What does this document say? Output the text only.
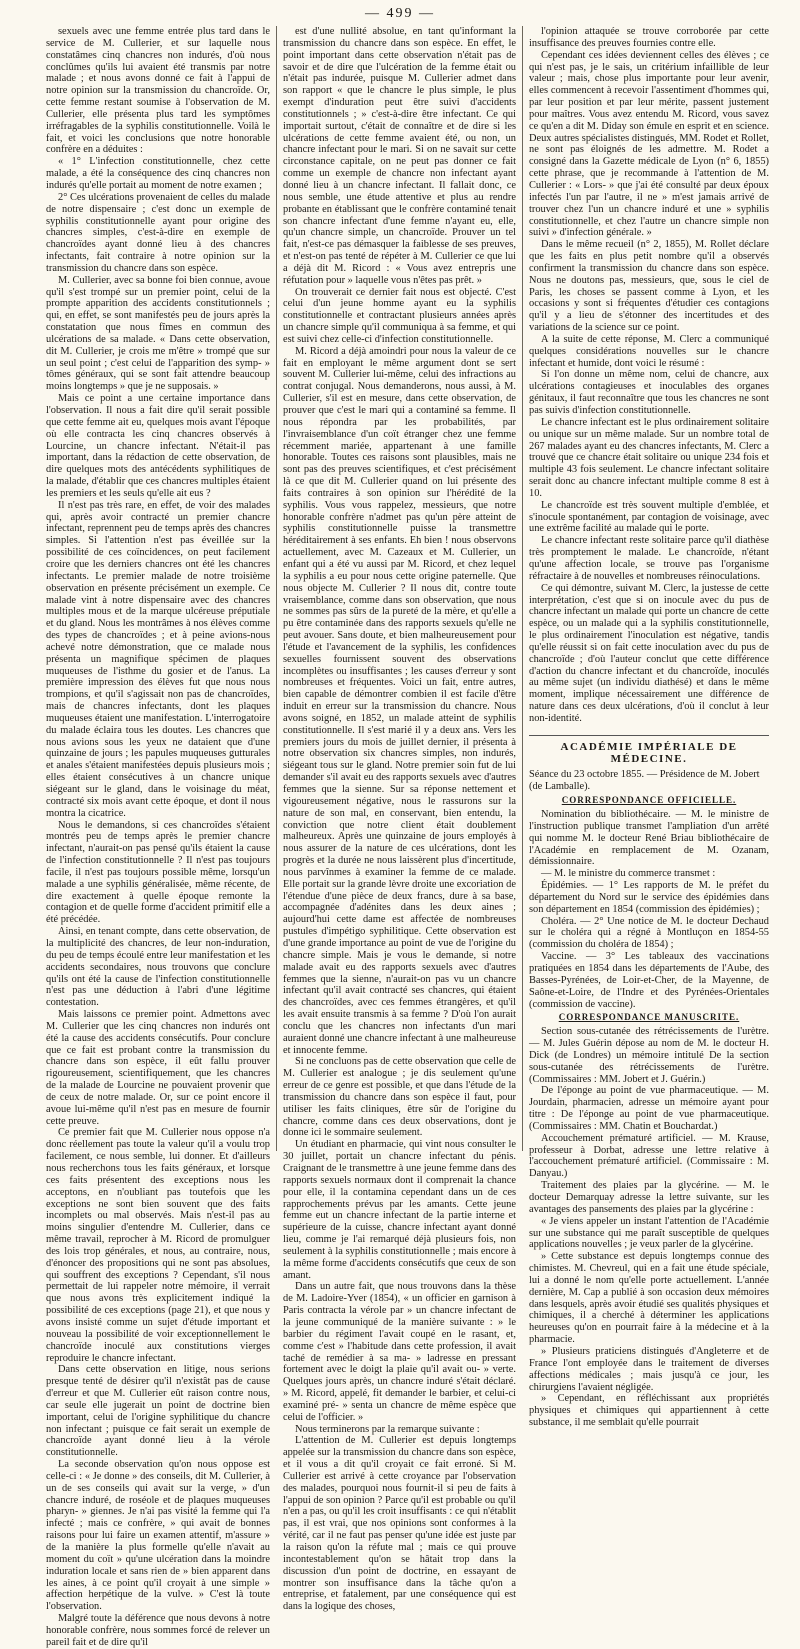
— 499 —

sexuels avec une femme entrée plus tard dans le service de M. Cullerier, et sur laquelle nous constatâmes cinq chancres non indurés, d'où nous conclûmes qu'ils lui avaient été transmis par notre malade ; et nous avons donné ce fait à l'appui de notre opinion sur la transmission du chancroïde. Or, cette femme restant soumise à l'observation de M. Cullerier, elle présenta plus tard les symptômes irréfragables de la syphilis constitutionnelle. Voilà le fait, et voici les conclusions que notre honorable confrère en a déduites :

« 1° L'infection constitutionnelle, chez cette malade, a été la conséquence des cinq chancres non indurés qu'elle portait au moment de notre examen ;

2° Ces ulcérations provenaient de celles du malade de notre dispensaire ; c'est donc un exemple de syphilis constitutionnelle ayant pour origine des chancres simples, c'est-à-dire en exemple de chancroïdes ayant donné lieu à des chancres infectants, fait contraire à notre opinion sur la transmission du chancre dans son espèce.

M. Cullerier, avec sa bonne foi bien connue, avoue qu'il s'est trompé sur un premier point, celui de la prompte apparition des accidents constitutionnels ; qui, en effet, se sont manifestés peu de jours après la constatation que nous fîmes en commun des ulcérations de sa malade. « Dans cette observation, dit M. Cullerier, je crois me m'être » trompé que sur un seul point ; c'est celui de l'apparition des symp- » tômes généraux, qui se sont fait attendre beaucoup moins longtemps » que je ne supposais. »

Mais ce point a une certaine importance dans l'observation. Il nous a fait dire qu'il serait possible que cette femme ait eu, quelques mois avant l'époque où elle contracta les cinq chancres observés à Lourcine, un chancre infectant. N'était-il pas important, dans la rédaction de cette observation, de dire quelques mots des antécédents syphilitiques de la malade, d'établir que ces chancres multiples étaient les premiers et les seuls qu'elle ait eus ?

Il n'est pas très rare, en effet, de voir des malades qui, après avoir contracté un premier chancre infectant, reprennent peu de temps après des chancres simples. Si l'attention n'est pas éveillée sur la possibilité de ces coïncidences, on peut facilement croire que les derniers chancres ont été les chancres infectants. Le premier malade de notre troisième observation en présente précisément un exemple. Ce malade vint à notre dispensaire avec des chancres multiples mous et de la marque ulcéreuse préputiale et du gland. Nous les montrâmes à nos élèves comme des types de chancroïdes ; et à peine avions-nous achevé notre démonstration, que ce malade nous présenta un magnifique spécimen de plaques muqueuses de l'isthme du gosier et de l'anus. La première impression des élèves fut que nous nous trompions, et qu'il s'agissait non pas de chancroïdes, mais de chancres infectants, dont les plaques muqueuses étaient une manifestation. L'interrogatoire du malade éclaira tous les doutes. Les chancres que nous avions sous les yeux ne dataient que d'une quinzaine de jours ; les papules muqueuses gutturales et anales s'étaient manifestées depuis plusieurs mois ; elles étaient consécutives à un chancre unique siégeant sur le gland, dans le voisinage du méat, contracté six mois avant cette époque, et dont il nous montra la cicatrice.

Nous le demandons, si ces chancroïdes s'étaient montrés peu de temps après le premier chancre infectant, n'aurait-on pas pensé qu'ils étaient la cause de l'infection constitutionnelle ? Il n'est pas toujours facile, il n'est pas toujours possible même, lorsqu'un malade a une syphilis généralisée, même récente, de dire exactement à quelle époque remonte la contagion et de quelle forme d'accident primitif elle a été précédée.

Ainsi, en tenant compte, dans cette observation, de la multiplicité des chancres, de leur non-induration, du peu de temps écoulé entre leur manifestation et les accidents secondaires, nous trouvons que conclure qu'ils ont été la cause de l'infection constitutionnelle n'est pas une déduction à l'abri d'une légitime contestation.

Mais laissons ce premier point. Admettons avec M. Cullerier que les cinq chancres non indurés ont été la cause des accidents consécutifs. Pour conclure que ce fait est probant contre la transmission du chancre dans son espèce, il eût fallu prouver rigoureusement, scientifiquement, que les chancres de la malade de Lourcine ne pouvaient provenir que de ceux de notre malade. Or, sur ce point encore il avoue lui-même qu'il n'est pas en mesure de fournir cette preuve.

Ce premier fait que M. Cullerier nous oppose n'a donc réellement pas toute la valeur qu'il a voulu trop facilement, ce nous semble, lui donner. Et d'ailleurs nous recherchons tous les faits généraux, et lorsque ces faits présentent des exceptions nous les acceptons, en n'oubliant pas toutefois que les exceptions ne sont bien souvent que des faits incomplets ou mal observés. Mais n'est-il pas au moins singulier d'entendre M. Cullerier, dans ce même travail, reprocher à M. Ricord de promulguer des lois trop générales, et nous, au contraire, nous, d'énoncer des propositions qui ne sont pas absolues, qui souffrent des exceptions ? Cependant, s'il nous permettait de lui rappeler notre mémoire, il verrait que nous avons très explicitement indiqué la possibilité de ces exceptions (page 21), et que nous y avons insisté comme un sujet d'étude important et nouveau la possibilité de voir exceptionnellement le chancroïde inoculé aux constitutions vierges reproduire le chancre infectant.

Dans cette observation en litige, nous serions presque tenté de désirer qu'il n'existât pas de cause d'erreur et que M. Cullerier eût raison contre nous, car seule elle jugerait un point de doctrine bien important, celui de l'origine syphilitique du chancre non infectant ; puisque ce fait serait un exemple de chancroïde ayant donné lieu à la vérole constitutionnelle.

La seconde observation qu'on nous oppose est celle-ci : « Je donne » des conseils, dit M. Cullerier, à un de ses conseils qui avait sur la verge, » d'un chancre induré, de roséole et de plaques muqueuses pharyn- » giennes. Je n'ai pas visité la femme qui l'a infecté ; mais ce confrère, » qui avait de bonnes raisons pour lui faire un examen attentif, m'assure » de la manière la plus formelle qu'elle n'avait au moment du coït » qu'une ulcération dans la moindre induration locale et sans rien de » bien apparent dans les aines, à ce point qu'il croyait à une simple » affection herpétique de la vulve. » C'est là toute l'observation.

Malgré toute la déférence que nous devons à notre honorable confrère, nous sommes forcé de relever un pareil fait et de dire qu'il

est d'une nullité absolue, en tant qu'informant la transmission du chancre dans son espèce. En effet, le point important dans cette observation n'était pas de savoir et de dire que l'ulcération de la femme était ou n'était pas indurée, puisque M. Cullerier admet dans son rapport « que le chancre le plus simple, le plus exempt d'induration peut être suivi d'accidents constitutionnels ; » c'est-à-dire être infectant. Ce qui importait surtout, c'était de connaître et de dire si les ulcérations de cette femme avaient été, ou non, un chancre infectant pour le mari. Si on ne savait sur cette circonstance capitale, on ne peut pas donner ce fait comme un exemple de chancre non infectant ayant donné lieu à un chancre infectant. Il fallait donc, ce nous semble, une étude attentive et plus au rendre probante en établissant que le confrère contaminé tenait son chancre infectant d'une femme n'ayant eu, elle, qu'un chancre simple, un chancroïde. Prouver un tel fait, n'est-ce pas démasquer la faiblesse de ses preuves, et n'est-on pas tenté de répéter à M. Cullerier ce que lui a déjà dit M. Ricord : « Vous avez entrepris une réfutation pour » laquelle vous n'êtes pas prêt. »

On trouverait ce dernier fait nous est objecté. C'est celui d'un jeune homme ayant eu la syphilis constitutionnelle et contractant plusieurs années après un chancre simple qu'il communiqua à sa femme, et qui est suivi chez celle-ci d'infection constitutionnelle.

M. Ricord a déjà amoindri pour nous la valeur de ce fait en employant le même argument dont se sert souvent M. Cullerier lui-même, celui des infractions au contrat conjugal. Nous demanderons, nous aussi, à M. Cullerier, s'il est en mesure, dans cette observation, de prouver que c'est le mari qui a contaminé sa femme. Il nous répondra par les probabilités, par l'invraisemblance d'un coït étranger chez une femme récemment mariée, appartenant à une famille honorable. Toutes ces raisons sont plausibles, mais ne sont pas des preuves scientifiques, et c'est précisément là ce que dit M. Cullerier quand on lui présente des faits contraires à son opinion sur l'hérédité de la syphilis. Vous vous rappelez, messieurs, que notre honorable confrère n'admet pas qu'un père atteint de syphilis constitutionnelle puisse la transmettre héréditairement à ses enfants. Eh bien ! nous observons actuellement, avec M. Cazeaux et M. Cullerier, un enfant qui a été vu aussi par M. Ricord, et chez lequel la syphilis a eu pour nous cette origine paternelle. Que nous objecte M. Cullerier ? Il nous dit, contre toute vraisemblance, comme dans son observation, que nous ne sommes pas sûrs de la pureté de la mère, et qu'elle a pu être contaminée dans des rapports sexuels qu'elle ne peut avouer. Sans doute, et bien malheureusement pour l'étude et l'avancement de la syphilis, les confidences sexuelles fournissent souvent des observations incomplètes ou insuffisantes ; les causes d'erreur y sont nombreuses et fréquentes. Voici un fait, entre autres, bien capable de démontrer combien il est facile d'être induit en erreur sur la transmission du chancre. Nous avons soigné, en 1852, un malade atteint de syphilis constitutionnelle. Il s'est marié il y a deux ans. Vers les premiers jours du mois de juillet dernier, il présenta à notre observation six chancres simples, non indurés, siégeant tous sur le gland. Notre premier soin fut de lui demander s'il avait eu des rapports sexuels avec d'autres femmes que la sienne. Sur sa réponse nettement et vigoureusement négative, nous le rassurons sur la nature de son mal, en conservant, bien entendu, la conviction que notre client était doublement malheureux. Après une quinzaine de jours employés à nous assurer de la nature de ces ulcérations, dont les progrès et la durée ne nous laissèrent plus d'incertitude, nous parvînmes à examiner la femme de ce malade. Elle portait sur la grande lèvre droite une excoriation de l'étendue d'une pièce de deux francs, dure à sa base, accompagnée d'adénites dans les deux aines ; aujourd'hui cette dame est affectée de nombreuses pustules d'impétigo syphilitique. Cette observation est d'une grande importance au point de vue de l'origine du chancre simple. Mais je vous le demande, si notre malade avait eu des rapports sexuels avec d'autres femmes que la sienne, n'aurait-on pas vu un chancre infectant qu'il avait contracté ses chancres, qui étaient des chancroïdes, avec ces femmes étrangères, et qu'il les avait ensuite transmis à sa femme ? D'où l'on aurait conclu que les chancres non infectants d'un mari auraient donné une chancre infectant à une malheureuse et innocente femme.

Si ne concluons pas de cette observation que celle de M. Cullerier est analogue ; je dis seulement qu'une erreur de ce genre est possible, et que dans l'étude de la transmission du chancre dans son espèce il faut, pour utiliser les faits cliniques, être sûr de l'origine du chancre, comme dans ces deux observations, dont je donne ici le sommaire seulement.

Un étudiant en pharmacie, qui vint nous consulter le 30 juillet, portait un chancre infectant du pénis. Craignant de le transmettre à une jeune femme dans des rapports sexuels normaux dont il comprenait la chance pour elle, il la contamina cependant dans un de ces rapprochements prévus par les amants. Cette jeune femme eut un chancre infectant de la partie interne et supérieure de la cuisse, chancre infectant ayant donné lieu, comme je l'ai remarqué déjà plusieurs fois, non seulement à la syphilis constitutionnelle ; mais encore à la même forme d'accidents consécutifs que ceux de son amant.

Dans un autre fait, que nous trouvons dans la thèse de M. Ladoire-Yver (1854), « un officier en garnison à Paris contracta la vérole par » un chancre infectant de la jeune communiqué de la manière suivante : » le barbier du régiment l'avait coupé en le rasant, et, comme c'est » l'habitude dans cette profession, il avait taché de remédier à sa ma- » ladresse en pressant fortement avec le doigt la plaie qu'il avait ou- » verte. Quelques jours après, un chancre induré s'était déclaré. » M. Ricord, appelé, fit demander le barbier, et celui-ci examiné pré- » senta un chancre de même espèce que celui de l'officier. »

Nous terminerons par la remarque suivante :

L'attention de M. Cullerier est depuis longtemps appelée sur la transmission du chancre dans son espèce, et il vous a dit qu'il croyait ce fait erroné. Si M. Cullerier est arrivé à cette croyance par l'observation des malades, pourquoi nous fournit-il si peu de faits à l'appui de son opinion ? Parce qu'il est probable ou qu'il n'en a pas, ou qu'il les croit insuffisants : ce qui n'établit pas, il est vrai, que nos opinions sont conformes à la vérité, car il ne faut pas penser qu'une idée est juste par la raison qu'on la réfute mal ; mais ce qui prouve incontestablement qu'on se hâtait trop dans la discussion d'un point de doctrine, en essayant de montrer son insuffisance dans la tâche qu'on a entreprise, et fatalement, par une conséquence qui est dans la logique des choses,

l'opinion attaquée se trouve corroborée par cette insuffisance des preuves fournies contre elle.

Cependant ces idées deviennent celles des élèves ; ce qui n'est pas, je le sais, un critérium infaillible de leur valeur ; mais, chose plus importante pour leur avenir, elles commencent à recevoir l'assentiment d'hommes qui, par leur position et par leur mérite, passent justement pour maîtres. Vous avez entendu M. Ricord, vous savez ce qu'en a dit M. Diday son émule en esprit et en science. Deux autres spécialistes distingués, MM. Rodet et Rollet, ne sont pas éloignés de les admettre. M. Rodet a consigné dans la Gazette médicale de Lyon (n° 6, 1855) cette phrase, que je recommande à l'attention de M. Cullerier : « Lors- » que j'ai été consulté par deux époux infectés l'un par l'autre, il ne » m'est jamais arrivé de trouver chez l'un un chancre induré et une » syphilis constitutionnelle, et chez l'autre un chancre simple non suivi » d'infection générale. »

Dans le même recueil (n° 2, 1855), M. Rollet déclare que les faits en plus petit nombre qu'il a observés confirment la transmission du chancre dans son espèce. Nous ne doutons pas, messieurs, que, sous le ciel de Paris, les choses se passent comme à Lyon, et les occasions y sont si fréquentes d'étudier ces contagions qu'il y a lieu de s'étonner des incertitudes et des variations de la science sur ce point.

A la suite de cette réponse, M. Clerc a communiqué quelques considérations nouvelles sur le chancre infectant et humide, dont voici le résumé :

Si l'on donne un même nom, celui de chancre, aux ulcérations contagieuses et inoculables des organes génitaux, il faut reconnaître que tous les chancres ne sont pas suivis d'infection constitutionnelle.

Le chancre infectant est le plus ordinairement solitaire ou unique sur un même malade. Sur un nombre total de 267 malades ayant eu des chancres infectants, M. Clerc a trouvé que ce chancre était solitaire ou unique 234 fois et multiple 43 fois seulement. Le chancre infectant solitaire serait donc au chancre infectant multiple comme 8 est à 10.

Le chancroïde est très souvent multiple d'emblée, et s'inocule spontanément, par contagion de voisinage, avec une extrême facilité au malade qui le porte.

Le chancre infectant reste solitaire parce qu'il diathèse très promptement le malade. Le chancroïde, n'étant qu'une affection locale, se trouve pas l'organisme réfractaire à de nouvelles et nombreuses réinoculations.

Ce qui démontre, suivant M. Clerc, la justesse de cette interprétation, c'est que si on inocule avec du pus de chancre infectant un malade qui porte un chancre de cette espèce, ou un malade qui a la syphilis constitutionnelle, le plus ordinairement l'inoculation est négative, tandis qu'elle réussit si on fait cette inoculation avec du pus de chancroïde ; d'où l'auteur conclut que cette différence d'action du chancre infectant et du chancroïde, inoculés au même sujet (un individu diathésé) et dans le même moment, implique nécessairement une différence de nature dans ces deux ulcérations, d'où il conclut à leur non-identité.

ACADÉMIE IMPÉRIALE DE MÉDECINE.

Séance du 23 octobre 1855. — Présidence de M. Jobert (de Lamballe).

CORRESPONDANCE OFFICIELLE.

Nomination du bibliothécaire. — M. le ministre de l'instruction publique transmet l'ampliation d'un arrêté qui nomme M. le docteur René Briau bibliothécaire de l'Académie en remplacement de M. Ozanam, démissionnaire.

— M. le ministre du commerce transmet :

Épidémies. — 1° Les rapports de M. le préfet du département du Nord sur le service des épidémies dans son département en 1854 (commission des épidémies) ;

Choléra. — 2° Une notice de M. le docteur Dechaud sur le choléra qui a régné à Montluçon en 1854-55 (commission du choléra de 1854) ;

Vaccine. — 3° Les tableaux des vaccinations pratiquées en 1854 dans les départements de l'Aube, des Basses-Pyrénées, de Loir-et-Cher, de la Mayenne, de Saône-et-Loire, de l'Indre et des Pyrénées-Orientales (commission de vaccine).

CORRESPONDANCE MANUSCRITE.

Section sous-cutanée des rétrécissements de l'urètre. — M. Jules Guérin dépose au nom de M. le docteur H. Dick (de Londres) un mémoire intitulé De la section sous-cutanée des rétrécissements de l'urètre. (Commissaires : MM. Jobert et J. Guérin.)

De l'éponge au point de vue pharmaceutique. — M. Jourdain, pharmacien, adresse un mémoire ayant pour titre : De l'éponge au point de vue pharmaceutique. (Commissaires : MM. Chatin et Bouchardat.)

Accouchement prématuré artificiel. — M. Krause, professeur à Dorbat, adresse une lettre relative à l'accouchement prématuré artificiel. (Commissaire : M. Danyau.)

Traitement des plaies par la glycérine. — M. le docteur Demarquay adresse la lettre suivante, sur les avantages des pansements des plaies par la glycérine :

« Je viens appeler un instant l'attention de l'Académie sur une substance qui me paraît susceptible de quelques applications nouvelles ; je veux parler de la glycérine.

» Cette substance est depuis longtemps connue des chimistes. M. Chevreul, qui en a fait une étude spéciale, lui a donné le nom qu'elle porte actuellement. L'année dernière, M. Cap a publié à son occasion deux mémoires dans lesquels, après avoir étudié ses qualités physiques et chimiques, il a cherché à déterminer les applications heureuses qu'on en pourrait faire à la médecine et à la pharmacie.

» Plusieurs praticiens distingués d'Angleterre et de France l'ont employée dans le traitement de diverses affections médicales ; mais jusqu'à ce jour, les chirurgiens l'avaient négligée.

» Cependant, en réfléchissant aux propriétés physiques et chimiques qui appartiennent à cette substance, il me semblait qu'elle pourrait
